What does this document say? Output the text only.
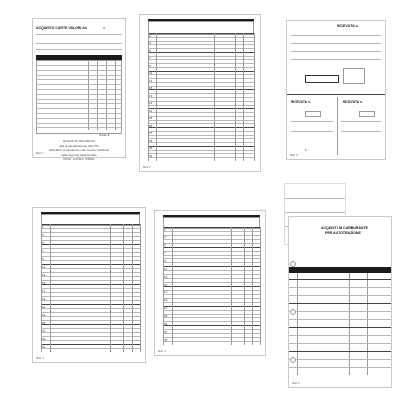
ACQUISTO CARTE VALORI A4	N.
Totale €
QUANTITA' RICHIESTA
dati di identificazione dell' IVA
dell'ufficio competente e del numero attribuito
dalla Agenzia delle Entrate
DATA, LUOGO, FIRMA
Mod. 1
1
3
5
7
9
11
13
15
17
19
21
23
25
27
29
31
33
Mod. 2
RICEVUTA n.
RICEVUTA n.	RICEVUTA n.
€
Mod. 5
1
3
5
7
9
11
13
15
17
19
21
23
25
27
29
31
Mod. 3
1
3
5
7
9
11
13
15
17
19
21
23
25
27
29
Mod. 4
ACQUISTI DI CARBURANTE
PER AUTOTRAZIONE
Mod. 6
